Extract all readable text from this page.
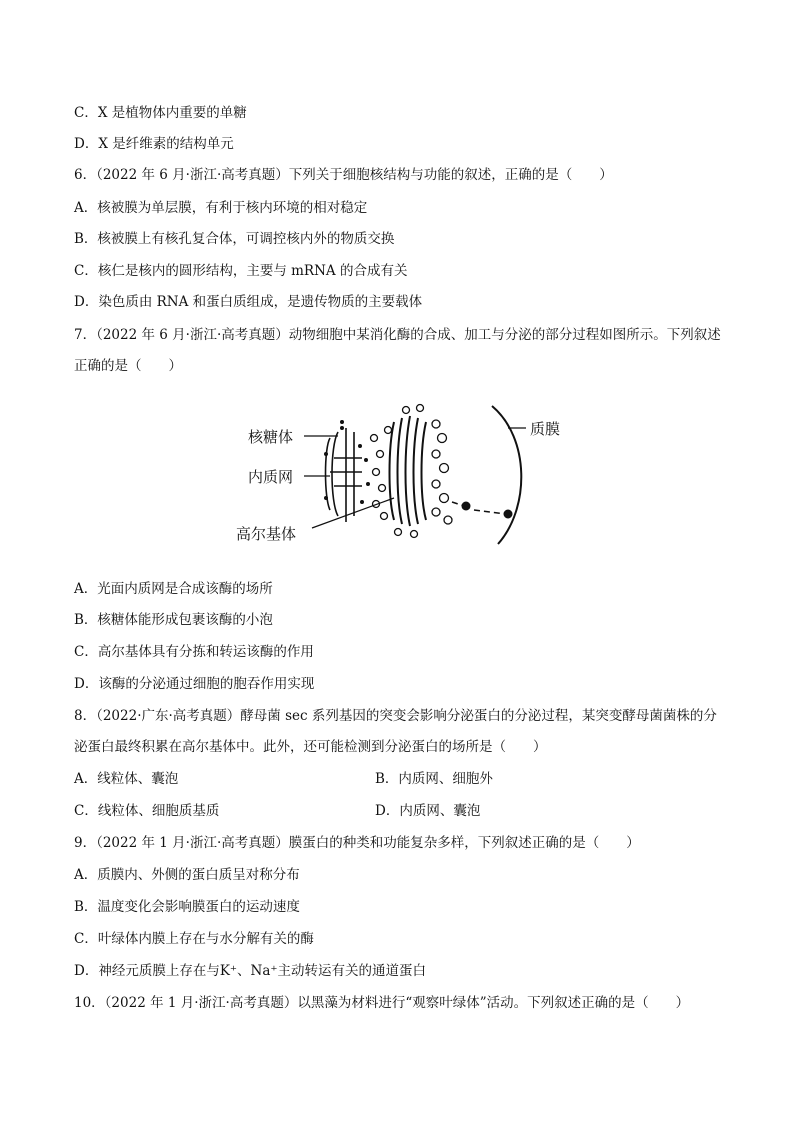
C．X 是植物体内重要的单糖
D．X 是纤维素的结构单元
6．（2022 年 6 月·浙江·高考真题）下列关于细胞核结构与功能的叙述，正确的是（　　）
A．核被膜为单层膜，有利于核内环境的相对稳定
B．核被膜上有核孔复合体，可调控核内外的物质交换
C．核仁是核内的圆形结构，主要与 mRNA 的合成有关
D．染色质由 RNA 和蛋白质组成，是遗传物质的主要载体
7．（2022 年 6 月·浙江·高考真题）动物细胞中某消化酶的合成、加工与分泌的部分过程如图所示。下列叙述
正确的是（　　）
核糖体
内质网
高尔基体
质膜
A．光面内质网是合成该酶的场所
B．核糖体能形成包裹该酶的小泡
C．高尔基体具有分拣和转运该酶的作用
D．该酶的分泌通过细胞的胞吞作用实现
8．（2022·广东·高考真题）酵母菌 sec 系列基因的突变会影响分泌蛋白的分泌过程，某突变酵母菌菌株的分
泌蛋白最终积累在高尔基体中。此外，还可能检测到分泌蛋白的场所是（　　）
A．线粒体、囊泡	B．内质网、细胞外
C．线粒体、细胞质基质	D．内质网、囊泡
9．（2022 年 1 月·浙江·高考真题）膜蛋白的种类和功能复杂多样，下列叙述正确的是（　　）
A．质膜内、外侧的蛋白质呈对称分布
B．温度变化会影响膜蛋白的运动速度
C．叶绿体内膜上存在与水分解有关的酶
D．神经元质膜上存在与K⁺、Na⁺主动转运有关的通道蛋白
10．（2022 年 1 月·浙江·高考真题）以黑藻为材料进行“观察叶绿体”活动。下列叙述正确的是（　　）
